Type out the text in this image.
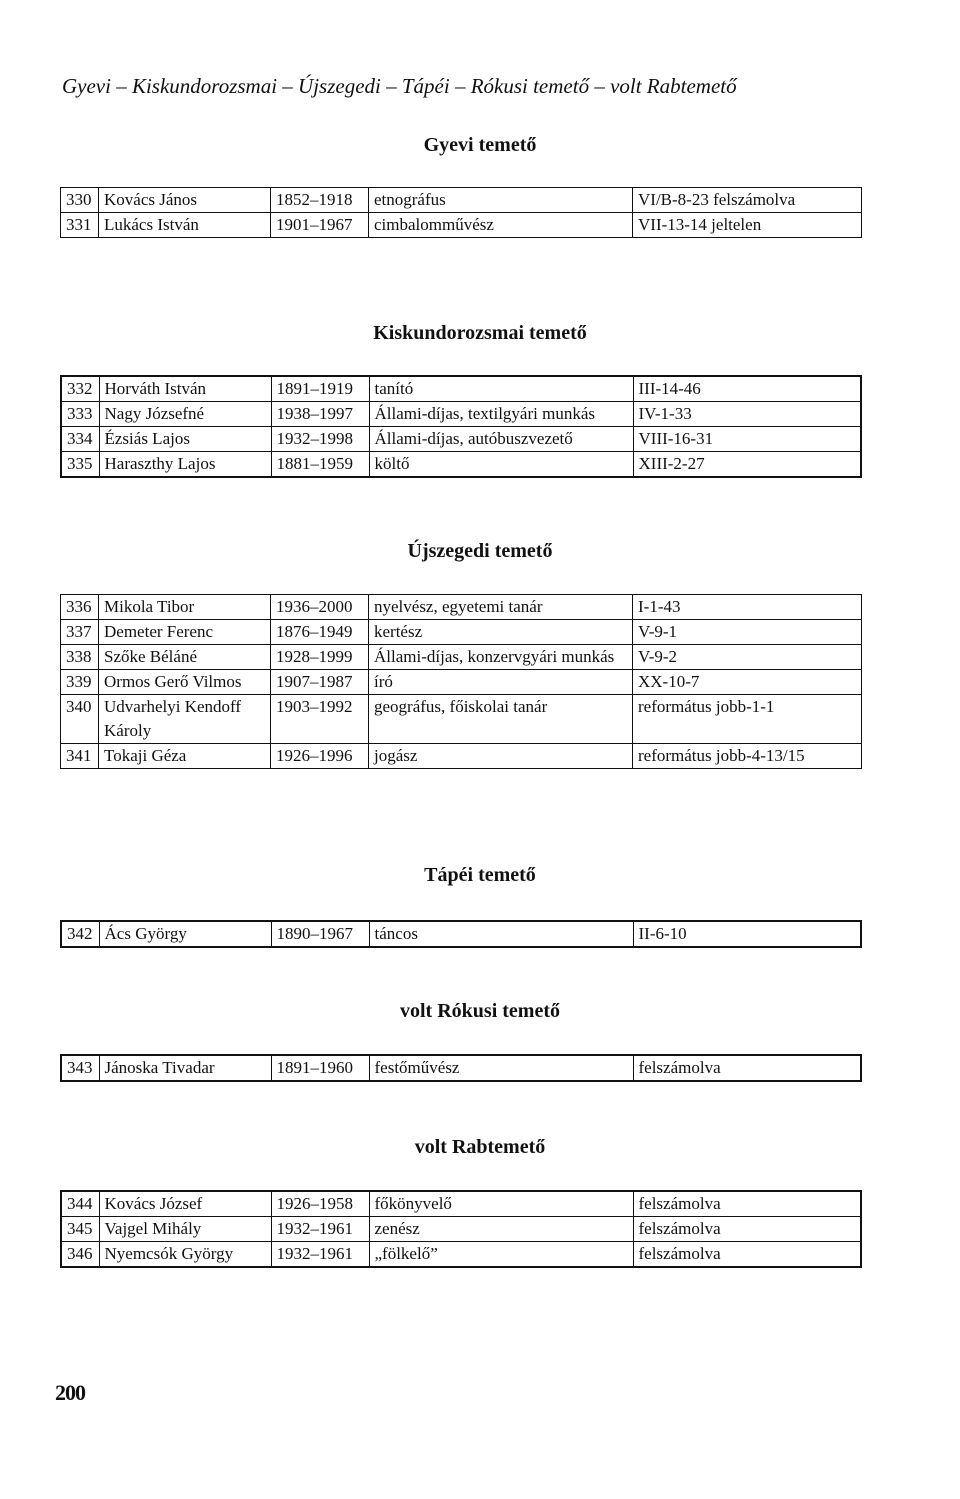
Gyevi – Kiskundorozsmai – Újszegedi – Tápéi – Rókusi temető – volt Rabtemető
Gyevi temető
330	Kovács János	1852–1918	etnográfus	VI/B-8-23 felszámolva
331	Lukács István	1901–1967	cimbalomművész	VII-13-14 jeltelen
Kiskundorozsmai temető
332	Horváth István	1891–1919	tanító	III-14-46
333	Nagy Józsefné	1938–1997	Állami-díjas, textilgyári munkás	IV-1-33
334	Ézsiás Lajos	1932–1998	Állami-díjas, autóbuszvezető	VIII-16-31
335	Haraszthy Lajos	1881–1959	költő	XIII-2-27
Újszegedi temető
336	Mikola Tibor	1936–2000	nyelvész, egyetemi tanár	I-1-43
337	Demeter Ferenc	1876–1949	kertész	V-9-1
338	Szőke Béláné	1928–1999	Állami-díjas, konzervgyári munkás	V-9-2
339	Ormos Gerő Vilmos	1907–1987	író	XX-10-7
340	Udvarhelyi Kendoff Károly	1903–1992	geográfus, főiskolai tanár	református jobb-1-1
341	Tokaji Géza	1926–1996	jogász	református jobb-4-13/15
Tápéi temető
342	Ács György	1890–1967	táncos	II-6-10
volt Rókusi temető
343	Jánoska Tivadar	1891–1960	festőművész	felszámolva
volt Rabtemető
344	Kovács József	1926–1958	főkönyvelő	felszámolva
345	Vajgel Mihály	1932–1961	zenész	felszámolva
346	Nyemcsók György	1932–1961	„fölkelő”	felszámolva
200
